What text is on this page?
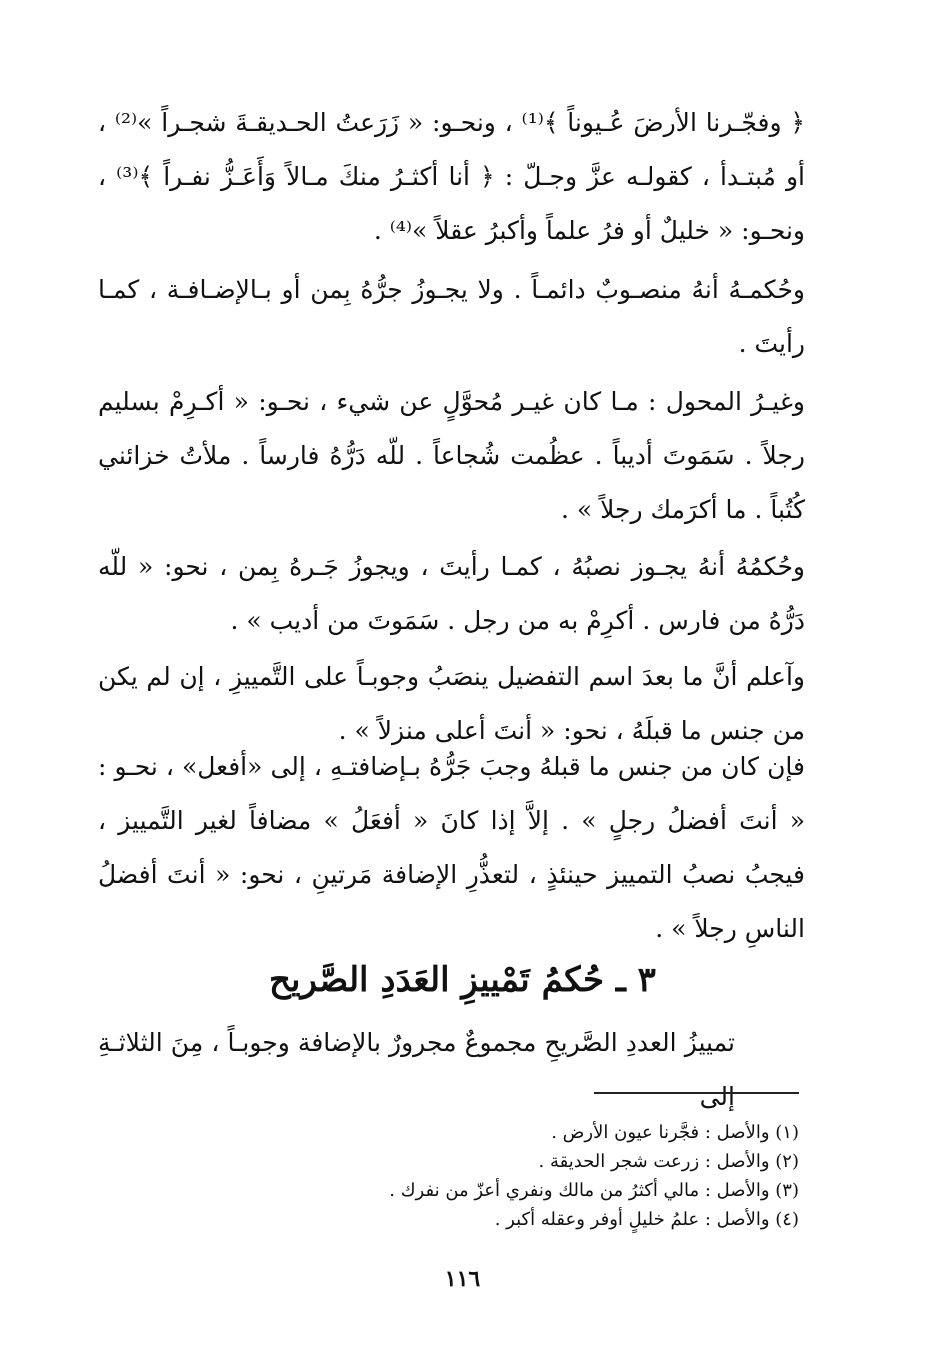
﴿ وفجّـرنا الأرضَ عُـيوناً ﴾⁽¹⁾ ، ونحـو: « زَرَعتُ الحـديقـةَ شجـراً »⁽²⁾ ، أو مُبتـدأ ، كقولـه عزَّ وجـلّ : ﴿ أنا أكثـرُ منكَ مـالاً وَأَعَـزُّ نفـراً ﴾⁽³⁾ ، ونحـو: « خليلٌ أو فرُ علماً وأكبرُ عقلاً »⁽⁴⁾ .
وحُكمـهُ أنهُ منصـوبٌ دائمـاً . ولا يجـوزُ جرُّهُ بِمن أو بـالإضـافـة ، كمـا رأيتَ .
وغيـرُ المحول : مـا كان غيـر مُحوَّلٍ عن شيء ، نحـو: « أكـرِمْ بسليم رجلاً . سَمَوتَ أديباً . عظُمت شُجاعاً . للّه دَرُّهُ فارساً . ملأتُ خزائني كُتُباً . ما أكرَمك رجلاً » .
وحُكمُهُ أنهُ يجـوز نصبُهُ ، كمـا رأيتَ ، ويجوزُ جَـرهُ بِمن ، نحو: « للّه دَرُّهُ من فارس . أكرِمْ به من رجل . سَمَوتَ من أديب » .
وآعلم أنَّ ما بعدَ اسم التفضيل ينصَبُ وجوبـاً على التَّمييزِ ، إن لم يكن من جنس ما قبلَهُ ، نحو: « أنتَ أعلى منزلاً » .
فإن كان من جنس ما قبلهُ وجبَ جَرُّهُ بـإضافتـهِ ، إلى «أفعل» ، نحـو : « أنتَ أفضلُ رجلٍ » . إلاَّ إذا كانَ « أفعَلُ » مضافاً لغير التَّمييز ، فيجبُ نصبُ التمييز حينئذٍ ، لتعذُّرِ الإضافة مَرتينِ ، نحو: « أنتَ أفضلُ الناسِ رجلاً » .
٣ ـ حُكمُ تَمْييزِ العَدَدِ الصَّريح
تمييزُ العددِ الصَّريحِ مجموعٌ مجرورٌ بالإضافة وجوبـاً ، مِنَ الثلاثـةِ إلى
(١) والأصل : فجَّرنا عيون الأرض .
(٢) والأصل : زرعت شجر الحديقة .
(٣) والأصل : مالي أكثرُ من مالك ونفري أعزّ من نفرك .
(٤) والأصل : علمُ خليلٍ أوفر وعقله أكبر .
١١٦
